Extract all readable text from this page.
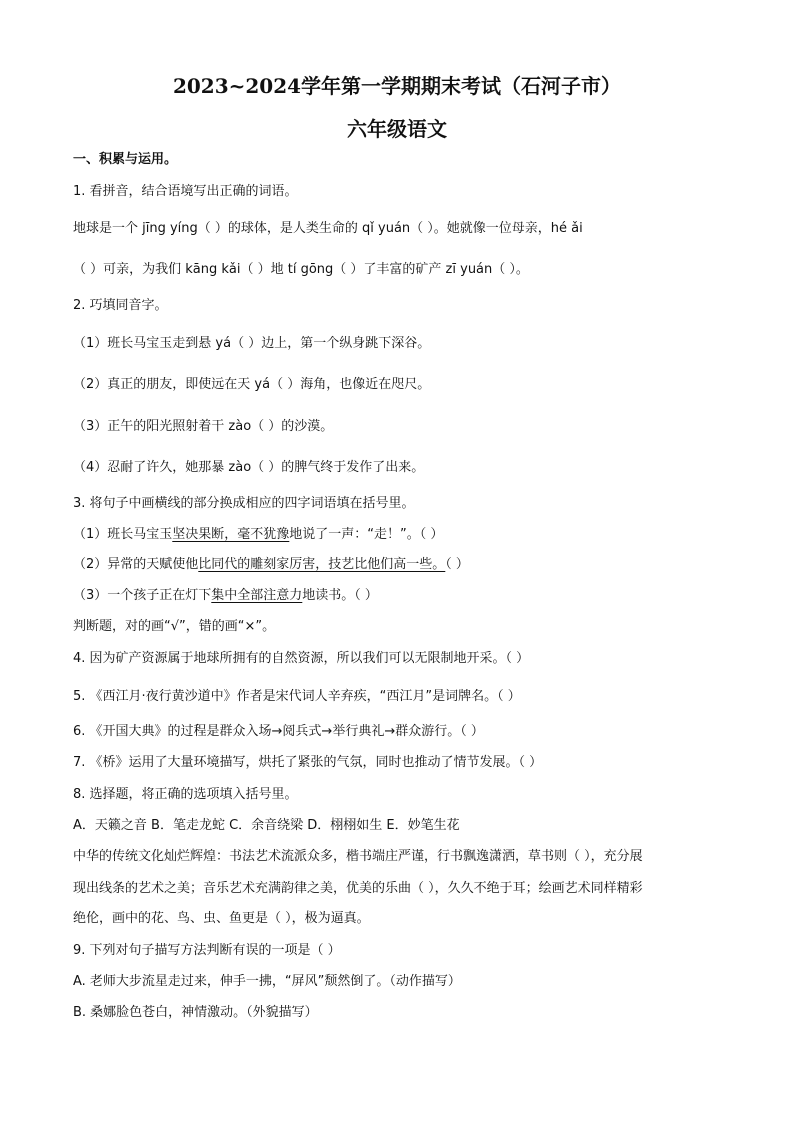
2023~2024学年第一学期期末考试（石河子市）
六年级语文
一、积累与运用。
1. 看拼音，结合语境写出正确的词语。
地球是一个 jīng yíng（ ）的球体，是人类生命的 qǐ yuán（ ）。她就像一位母亲，hé ǎi
（ ）可亲，为我们 kāng kǎi（ ）地 tí gōng（ ）了丰富的矿产 zī yuán（ ）。
2. 巧填同音字。
（1）班长马宝玉走到悬 yá（ ）边上，第一个纵身跳下深谷。
（2）真正的朋友，即使远在天 yá（ ）海角，也像近在咫尺。
（3）正午的阳光照射着干 zào（ ）的沙漠。
（4）忍耐了许久，她那暴 zào（ ）的脾气终于发作了出来。
3. 将句子中画横线的部分换成相应的四字词语填在括号里。
（1）班长马宝玉坚决果断，毫不犹豫地说了一声：“走！”。（ ）
（2）异常的天赋使他比同代的雕刻家厉害，技艺比他们高一些。（ ）
（3）一个孩子正在灯下集中全部注意力地读书。（ ）
判断题，对的画“√”，错的画“×”。
4. 因为矿产资源属于地球所拥有的自然资源，所以我们可以无限制地开采。（ ）
5. 《西江月·夜行黄沙道中》作者是宋代词人辛弃疾，“西江月”是词牌名。（ ）
6. 《开国大典》的过程是群众入场→阅兵式→举行典礼→群众游行。（ ）
7. 《桥》运用了大量环境描写，烘托了紧张的气氛，同时也推动了情节发展。（ ）
8. 选择题，将正确的选项填入括号里。
A．天籁之音 B．笔走龙蛇 C．余音绕梁 D．栩栩如生 E．妙笔生花
中华的传统文化灿烂辉煌：书法艺术流派众多，楷书端庄严谨，行书飘逸潇洒，草书则（ ），充分展
现出线条的艺术之美；音乐艺术充满韵律之美，优美的乐曲（ ），久久不绝于耳；绘画艺术同样精彩
绝伦，画中的花、鸟、虫、鱼更是（ ），极为逼真。
9. 下列对句子描写方法判断有误的一项是（ ）
A. 老师大步流星走过来，伸手一拂，“屏风”颓然倒了。（动作描写）
B. 桑娜脸色苍白，神情激动。（外貌描写）
